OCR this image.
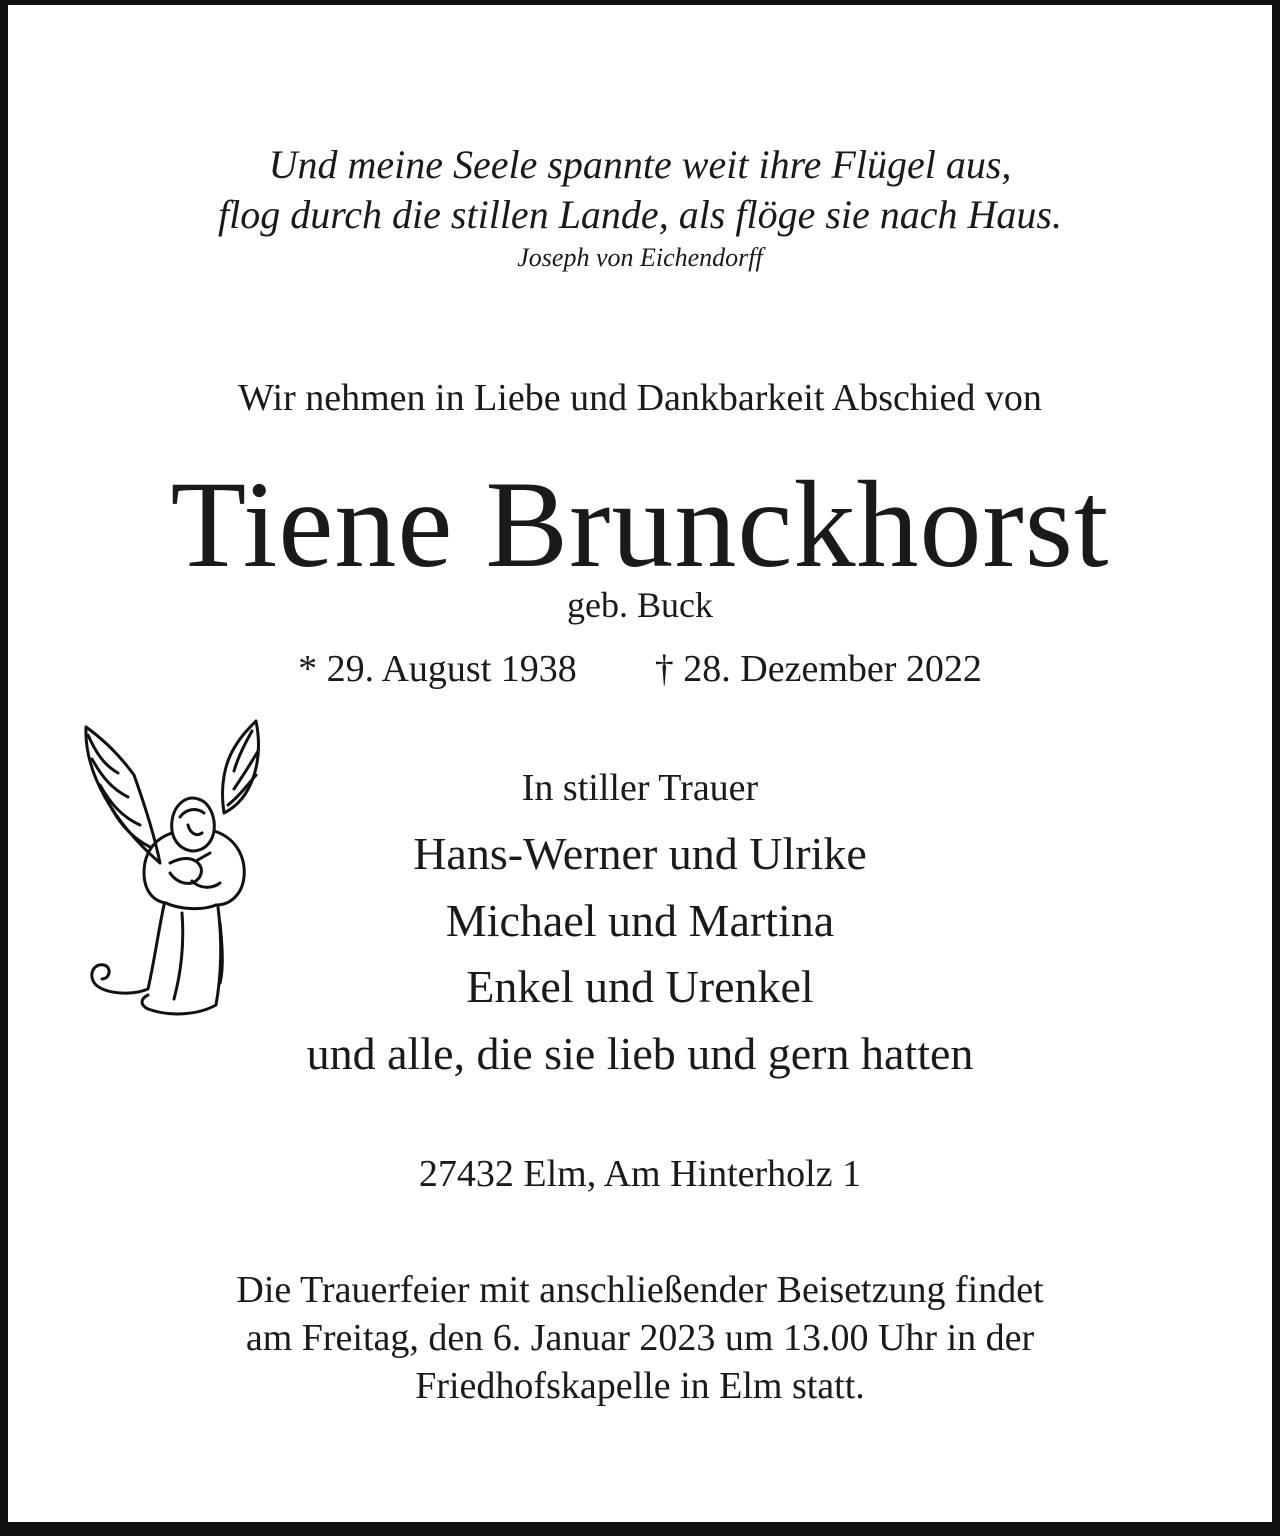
Und meine Seele spannte weit ihre Flügel aus,
flog durch die stillen Lande, als flöge sie nach Haus.
Joseph von Eichendorff
Wir nehmen in Liebe und Dankbarkeit Abschied von
Tiene Brunckhorst
geb. Buck
* 29. August 1938 † 28. Dezember 2022
In stiller Trauer
Hans-Werner und Ulrike
Michael und Martina
Enkel und Urenkel
und alle, die sie lieb und gern hatten
27432 Elm, Am Hinterholz 1
Die Trauerfeier mit anschließender Beisetzung findet
am Freitag, den 6. Januar 2023 um 13.00 Uhr in der
Friedhofskapelle in Elm statt.
